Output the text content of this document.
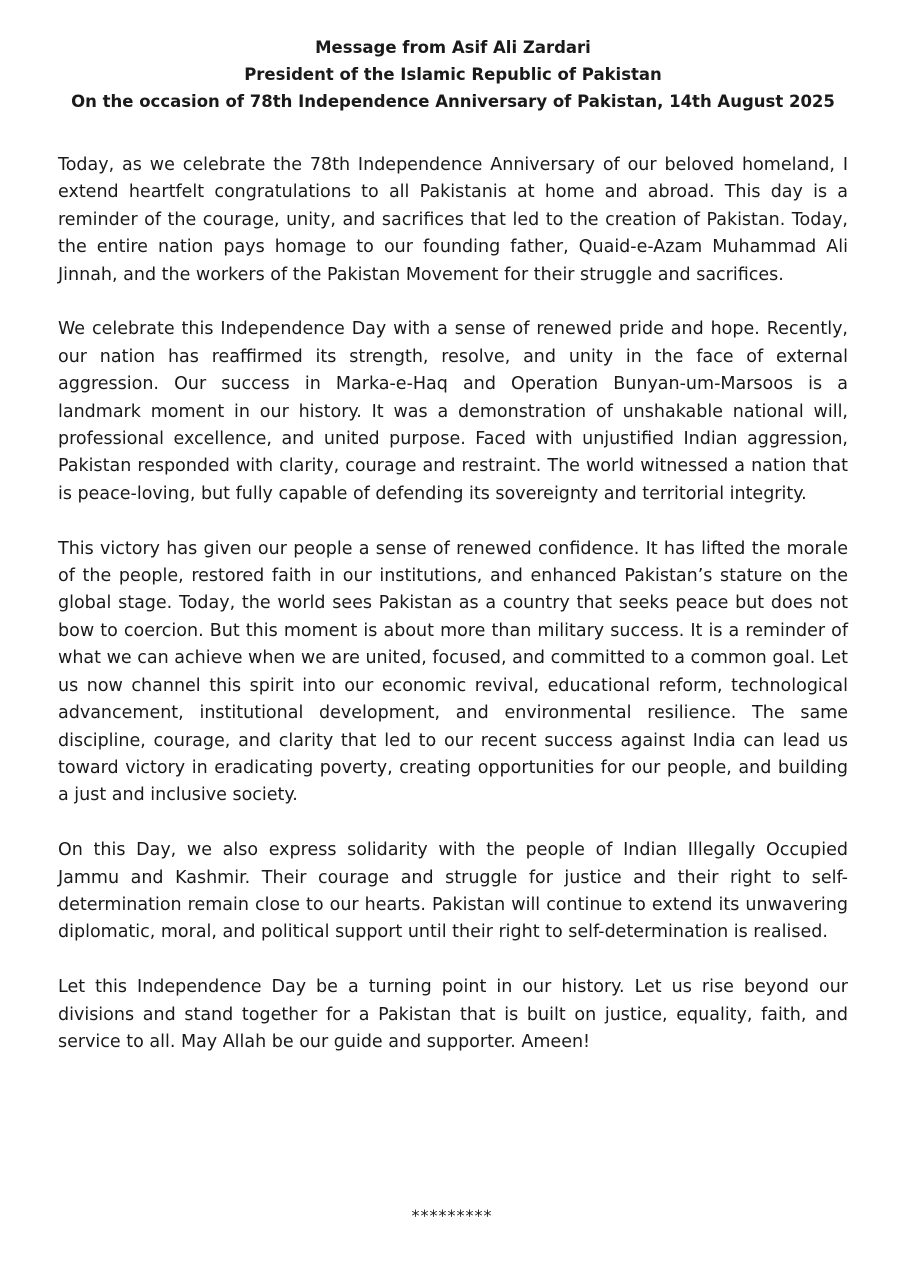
Message from Asif Ali Zardari
President of the Islamic Republic of Pakistan
On the occasion of 78th Independence Anniversary of Pakistan, 14th August 2025

Today, as we celebrate the 78th Independence Anniversary of our beloved homeland, I extend heartfelt congratulations to all Pakistanis at home and abroad. This day is a reminder of the courage, unity, and sacrifices that led to the creation of Pakistan. Today, the entire nation pays homage to our founding father, Quaid-e-Azam Muhammad Ali Jinnah, and the workers of the Pakistan Movement for their struggle and sacrifices.

We celebrate this Independence Day with a sense of renewed pride and hope. Recently, our nation has reaffirmed its strength, resolve, and unity in the face of external aggression. Our success in Marka-e-Haq and Operation Bunyan-um-Marsoos is a landmark moment in our history. It was a demonstration of unshakable national will, professional excellence, and united purpose. Faced with unjustified Indian aggression, Pakistan responded with clarity, courage and restraint. The world witnessed a nation that is peace-loving, but fully capable of defending its sovereignty and territorial integrity.

This victory has given our people a sense of renewed confidence. It has lifted the morale of the people, restored faith in our institutions, and enhanced Pakistan’s stature on the global stage. Today, the world sees Pakistan as a country that seeks peace but does not bow to coercion. But this moment is about more than military success. It is a reminder of what we can achieve when we are united, focused, and committed to a common goal. Let us now channel this spirit into our economic revival, educational reform, technological advancement, institutional development, and environmental resilience. The same discipline, courage, and clarity that led to our recent success against India can lead us toward victory in eradicating poverty, creating opportunities for our people, and building a just and inclusive society.

On this Day, we also express solidarity with the people of Indian Illegally Occupied Jammu and Kashmir. Their courage and struggle for justice and their right to self-determination remain close to our hearts. Pakistan will continue to extend its unwavering diplomatic, moral, and political support until their right to self-determination is realised.

Let this Independence Day be a turning point in our history. Let us rise beyond our divisions and stand together for a Pakistan that is built on justice, equality, faith, and service to all. May Allah be our guide and supporter. Ameen!

*********
